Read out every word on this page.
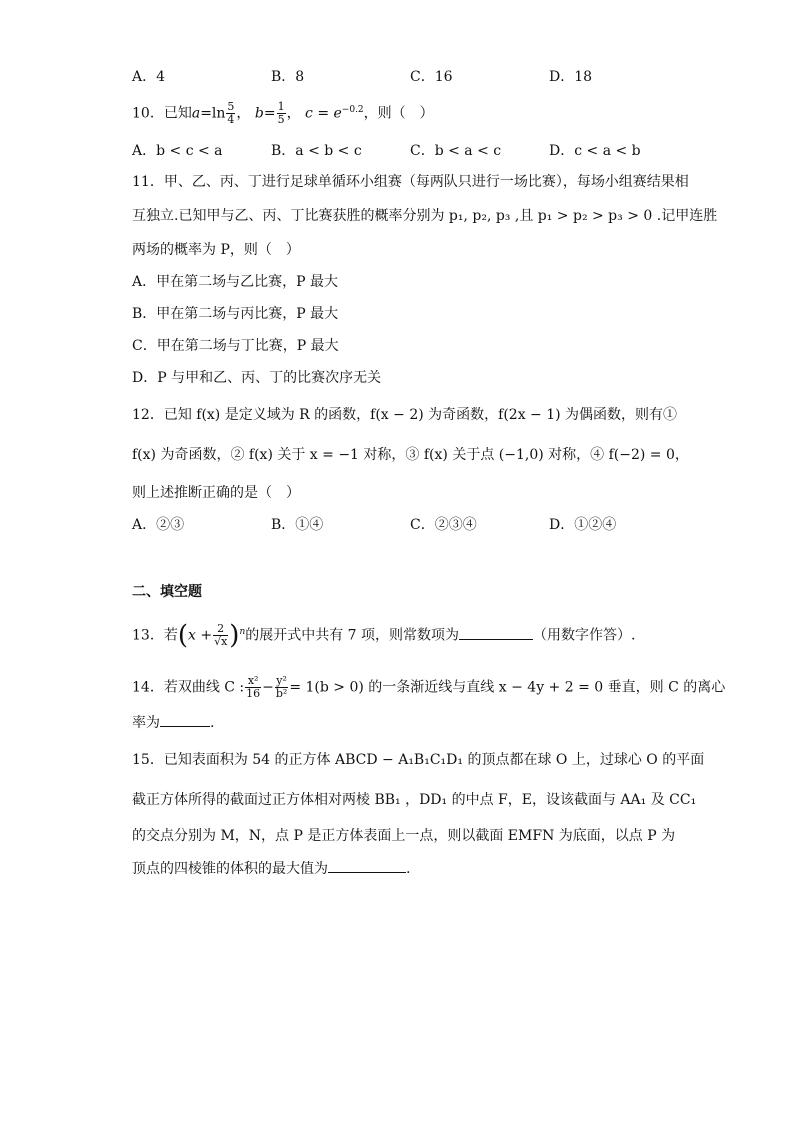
A．4	B．8	C．16	D．18
10．已知$a=\ln \frac{5}{4}$ ， $b= \frac{1}{5}$ ， $c = e^{-0.2}$，则（　）
A．b < c < a	B．a < b < c	C．b < a < c	D．c < a < b
11．甲、乙、丙、丁进行足球单循环小组赛（每两队只进行一场比赛），每场小组赛结果相
互独立.已知甲与乙、丙、丁比赛获胜的概率分别为 p₁, p₂, p₃ ,且 p₁ > p₂ > p₃ > 0 .记甲连胜
两场的概率为 P，则（　）
A．甲在第二场与乙比赛，P 最大
B．甲在第二场与丙比赛，P 最大
C．甲在第二场与丁比赛，P 最大
D．P 与甲和乙、丙、丁的比赛次序无关
12．已知 f(x) 是定义域为 R 的函数，f(x − 2) 为奇函数，f(2x − 1) 为偶函数，则有①
f(x) 为奇函数，② f(x) 关于 x = −1 对称，③ f(x) 关于点 (−1,0) 对称，④ f(−2) = 0，
则上述推断正确的是（　）
A．②③	B．①④	C．②③④	D．①②④
二、填空题
13．若$(x + \frac{2}{√x} )^n$的展开式中共有 7 项，则常数项为	（用数字作答）.
14．若双曲线 C : $\frac{\text{x²}}{16} - \frac{\text{y²}}{\text{b²}} = 1(b > 0)$ 的一条渐近线与直线 x − 4y + 2 = 0 垂直，则 C 的离心
率为	.
15．已知表面积为 54 的正方体 ABCD − A₁B₁C₁D₁ 的顶点都在球 O 上，过球心 O 的平面
截正方体所得的截面过正方体相对两棱 BB₁ ，DD₁ 的中点 F，E，设该截面与 AA₁ 及 CC₁
的交点分别为 M，N，点 P 是正方体表面上一点，则以截面 EMFN 为底面，以点 P 为
顶点的四棱锥的体积的最大值为	.
